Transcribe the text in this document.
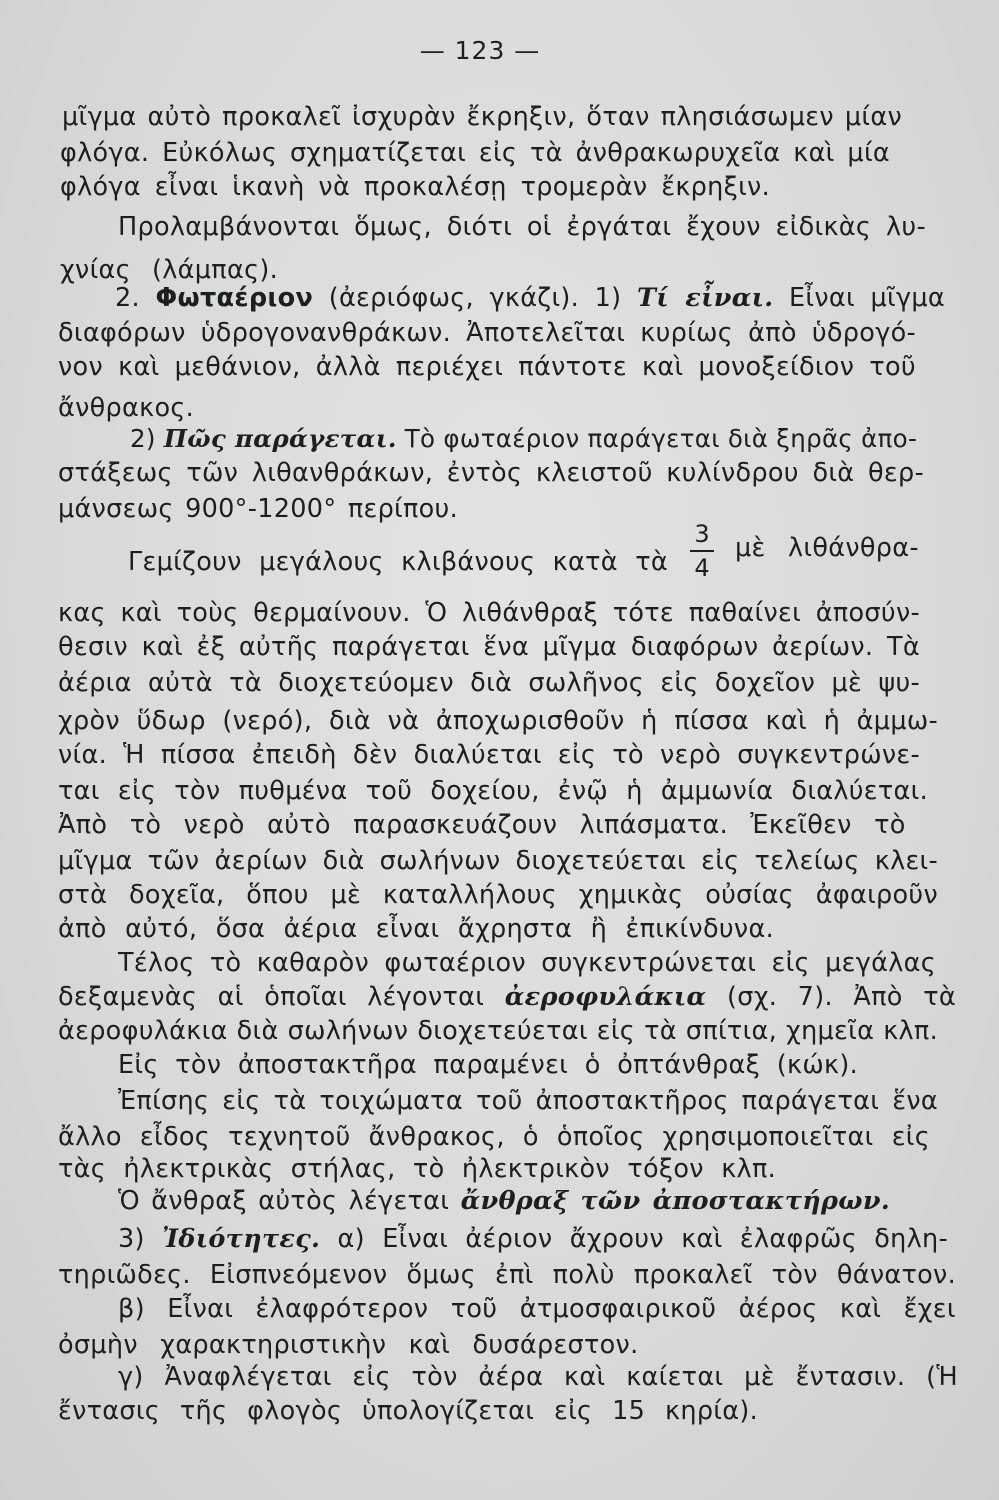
— 123 —
μῖγμα αὐτὸ προκαλεῖ ἰσχυρὰν ἔκρηξιν, ὅταν πλησιάσωμεν μίαν
φλόγα. Εὐκόλως σχηματίζεται εἰς τὰ ἀνθρακωρυχεῖα καὶ μία
φλόγα εἶναι ἱκανὴ νὰ προκαλέσῃ τρομερὰν ἔκρηξιν.
Προλαμβάνονται ὅμως, διότι οἱ ἐργάται ἔχουν εἰδικὰς λυ-
χνίας (λάμπας).
2. Φωταέριον (ἀεριόφως, γκάζι). 1) Τί εἶναι. Εἶναι μῖγμα
διαφόρων ὑδρογονανθράκων. Ἀποτελεῖται κυρίως ἀπὸ ὑδρογό-
νον καὶ μεθάνιον, ἀλλὰ περιέχει πάντοτε καὶ μονοξείδιον τοῦ
ἄνθρακος.
2) Πῶς παράγεται. Τὸ φωταέριον παράγεται διὰ ξηρᾶς ἀπο-
στάξεως τῶν λιθανθράκων, ἐντὸς κλειστοῦ κυλίνδρου διὰ θερ-
μάνσεως 900°-1200° περίπου.
Γεμίζουν μεγάλους κλιβάνους κατὰ τὰ	μὲ λιθάνθρα-
κας καὶ τοὺς θερμαίνουν. Ὁ λιθάνθραξ τότε παθαίνει ἀποσύν-
θεσιν καὶ ἐξ αὐτῆς παράγεται ἕνα μῖγμα διαφόρων ἀερίων. Τὰ
ἀέρια αὐτὰ τὰ διοχετεύομεν διὰ σωλῆνος εἰς δοχεῖον μὲ ψυ-
χρὸν ὕδωρ (νερό), διὰ νὰ ἀποχωρισθοῦν ἡ πίσσα καὶ ἡ ἀμμω-
νία. Ἡ πίσσα ἐπειδὴ δὲν διαλύεται εἰς τὸ νερὸ συγκεντρώνε-
ται εἰς τὸν πυθμένα τοῦ δοχείου, ἐνῷ ἡ ἀμμωνία διαλύεται.
Ἀπὸ τὸ νερὸ αὐτὸ παρασκευάζουν λιπάσματα. Ἐκεῖθεν τὸ
μῖγμα τῶν ἀερίων διὰ σωλήνων διοχετεύεται εἰς τελείως κλει-
στὰ δοχεῖα, ὅπου μὲ καταλλήλους χημικὰς οὐσίας ἀφαιροῦν
ἀπὸ αὐτό, ὅσα ἀέρια εἶναι ἄχρηστα ἢ ἐπικίνδυνα.
Τέλος τὸ καθαρὸν φωταέριον συγκεντρώνεται εἰς μεγάλας
δεξαμενὰς αἱ ὁποῖαι λέγονται ἀεροφυλάκια (σχ. 7). Ἀπὸ τὰ
ἀεροφυλάκια διὰ σωλήνων διοχετεύεται εἰς τὰ σπίτια, χημεῖα κλπ.
Εἰς τὸν ἀποστακτῆρα παραμένει ὁ ὀπτάνθραξ (κώκ).
Ἐπίσης εἰς τὰ τοιχώματα τοῦ ἀποστακτῆρος παράγεται ἕνα
ἄλλο εἶδος τεχνητοῦ ἄνθρακος, ὁ ὁποῖος χρησιμοποιεῖται εἰς
τὰς ἠλεκτρικὰς στήλας, τὸ ἠλεκτρικὸν τόξον κλπ.
Ὁ ἄνθραξ αὐτὸς λέγεται ἄνθραξ τῶν ἀποστακτήρων.
3) Ἰδιότητες. α) Εἶναι ἀέριον ἄχρουν καὶ ἐλαφρῶς δηλη-
τηριῶδες. Εἰσπνεόμενον ὅμως ἐπὶ πολὺ προκαλεῖ τὸν θάνατον.
β) Εἶναι ἐλαφρότερον τοῦ ἀτμοσφαιρικοῦ ἀέρος καὶ ἔχει
ὀσμὴν χαρακτηριστικὴν καὶ δυσάρεστον.
γ) Ἀναφλέγεται εἰς τὸν ἀέρα καὶ καίεται μὲ ἔντασιν. (Ἡ
ἔντασις τῆς φλογὸς ὑπολογίζεται εἰς 15 κηρία).
3
4
